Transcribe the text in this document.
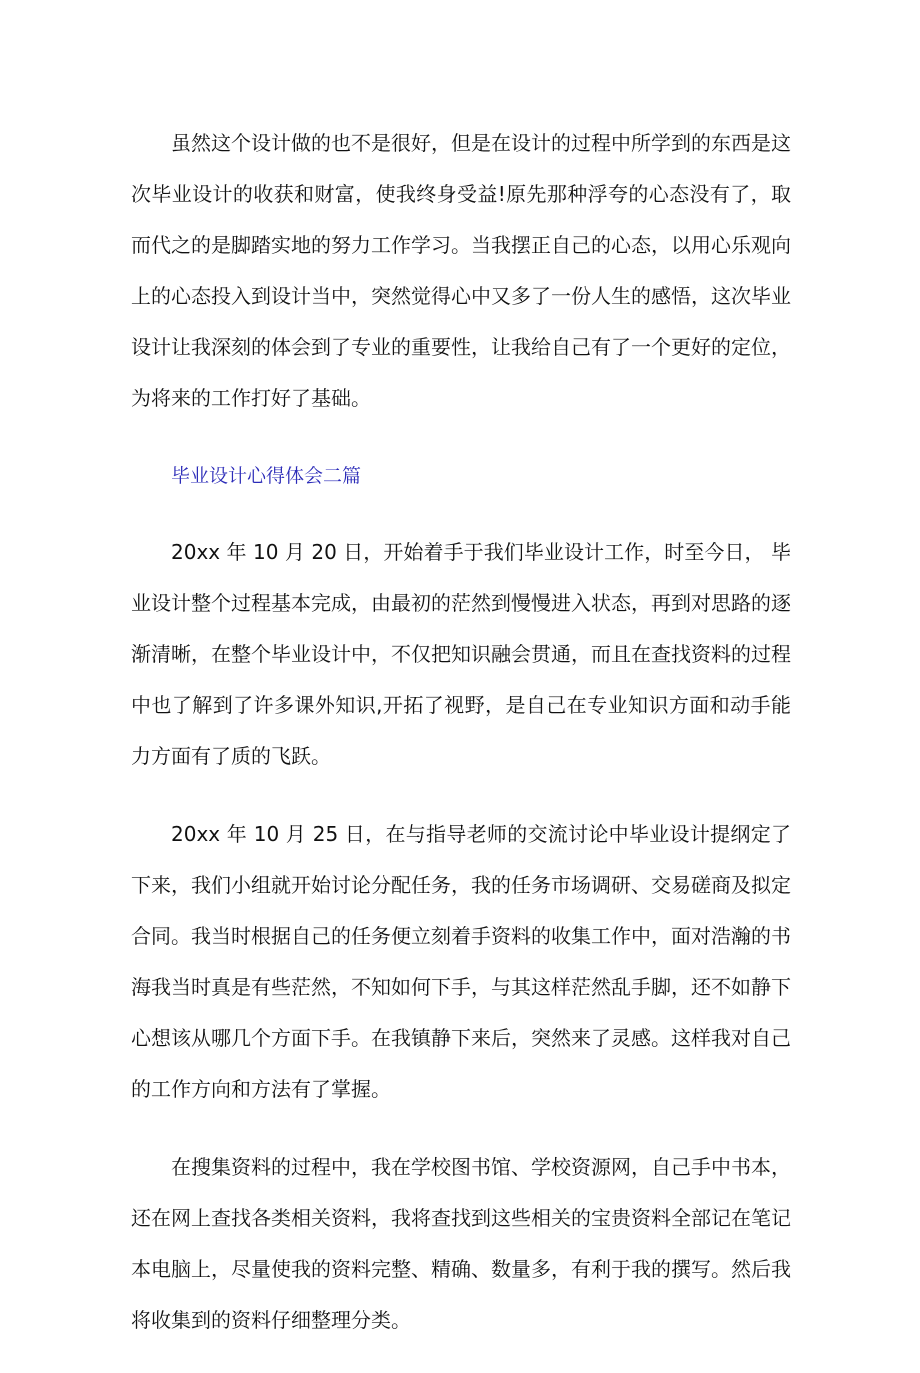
虽然这个设计做的也不是很好，但是在设计的过程中所学到的东西是这次毕业设计的收获和财富，使我终身受益!原先那种浮夸的心态没有了，取而代之的是脚踏实地的努力工作学习。当我摆正自己的心态，以用心乐观向上的心态投入到设计当中，突然觉得心中又多了一份人生的感悟，这次毕业设计让我深刻的体会到了专业的重要性，让我给自己有了一个更好的定位，为将来的工作打好了基础。

毕业设计心得体会二篇

20xx 年 10 月 20 日，开始着手于我们毕业设计工作，时至今日， 毕业设计整个过程基本完成，由最初的茫然到慢慢进入状态，再到对思路的逐渐清晰，在整个毕业设计中，不仅把知识融会贯通，而且在查找资料的过程中也了解到了许多课外知识,开拓了视野，是自己在专业知识方面和动手能力方面有了质的飞跃。

20xx 年 10 月 25 日，在与指导老师的交流讨论中毕业设计提纲定了下来，我们小组就开始讨论分配任务，我的任务市场调研、交易磋商及拟定合同。我当时根据自己的任务便立刻着手资料的收集工作中，面对浩瀚的书海我当时真是有些茫然，不知如何下手，与其这样茫然乱手脚，还不如静下心想该从哪几个方面下手。在我镇静下来后，突然来了灵感。这样我对自己的工作方向和方法有了掌握。

在搜集资料的过程中，我在学校图书馆、学校资源网，自己手中书本，还在网上查找各类相关资料，我将查找到这些相关的宝贵资料全部记在笔记本电脑上，尽量使我的资料完整、精确、数量多，有利于我的撰写。然后我将收集到的资料仔细整理分类。
